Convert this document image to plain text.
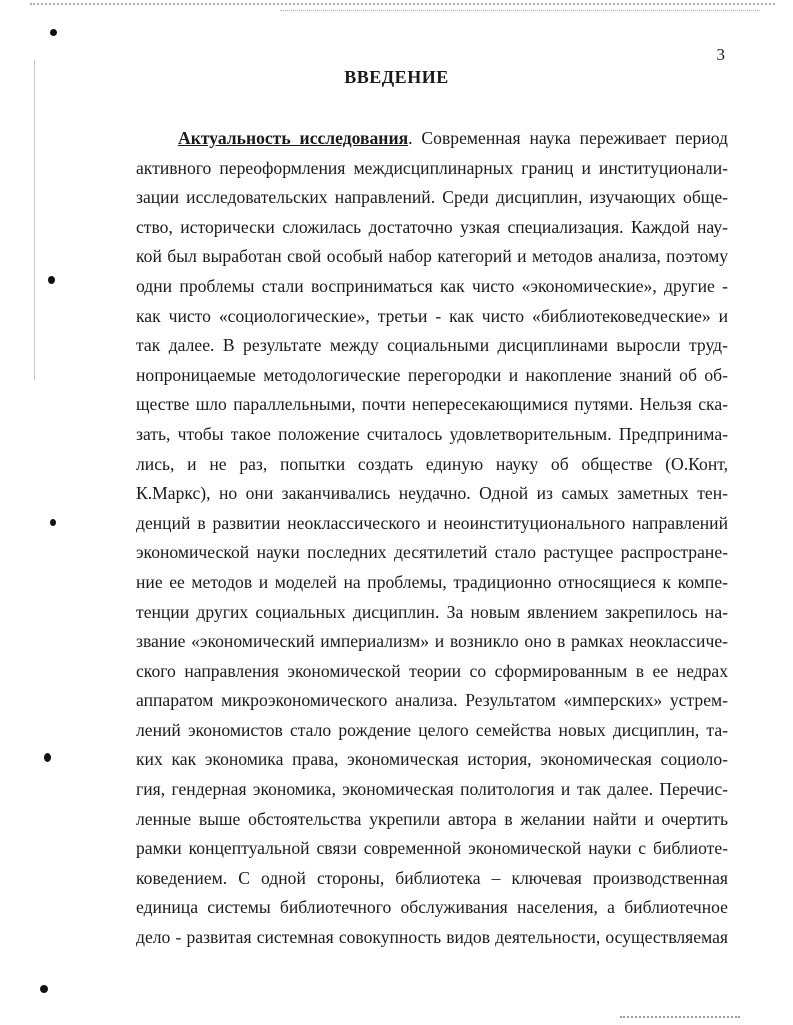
3
ВВЕДЕНИЕ
Актуальность исследования. Современная наука переживает период
активного переоформления междисциплинарных границ и институционали-
зации исследовательских направлений. Среди дисциплин, изучающих обще-
ство, исторически сложилась достаточно узкая специализация. Каждой нау-
кой был выработан свой особый набор категорий и методов анализа, поэтому
одни проблемы стали восприниматься как чисто «экономические», другие -
как чисто «социологические», третьи - как чисто «библиотековедческие» и
так далее. В результате между социальными дисциплинами выросли труд-
нопроницаемые методологические перегородки и накопление знаний об об-
ществе шло параллельными, почти непересекающимися путями. Нельзя ска-
зать, чтобы такое положение считалось удовлетворительным. Предпринима-
лись, и не раз, попытки создать единую науку об обществе (О.Конт,
К.Маркс), но они заканчивались неудачно. Одной из самых заметных тен-
денций в развитии неоклассического и неоинституционального направлений
экономической науки последних десятилетий стало растущее распростране-
ние ее методов и моделей на проблемы, традиционно относящиеся к компе-
тенции других социальных дисциплин. За новым явлением закрепилось на-
звание «экономический империализм» и возникло оно в рамках неоклассиче-
ского направления экономической теории со сформированным в ее недрах
аппаратом микроэкономического анализа. Результатом «имперских» устрем-
лений экономистов стало рождение целого семейства новых дисциплин, та-
ких как экономика права, экономическая история, экономическая социоло-
гия, гендерная экономика, экономическая политология и так далее. Перечис-
ленные выше обстоятельства укрепили автора в желании найти и очертить
рамки концептуальной связи современной экономической науки с библиоте-
коведением. С одной стороны, библиотека – ключевая производственная
единица системы библиотечного обслуживания населения, а библиотечное
дело - развитая системная совокупность видов деятельности, осуществляемая
